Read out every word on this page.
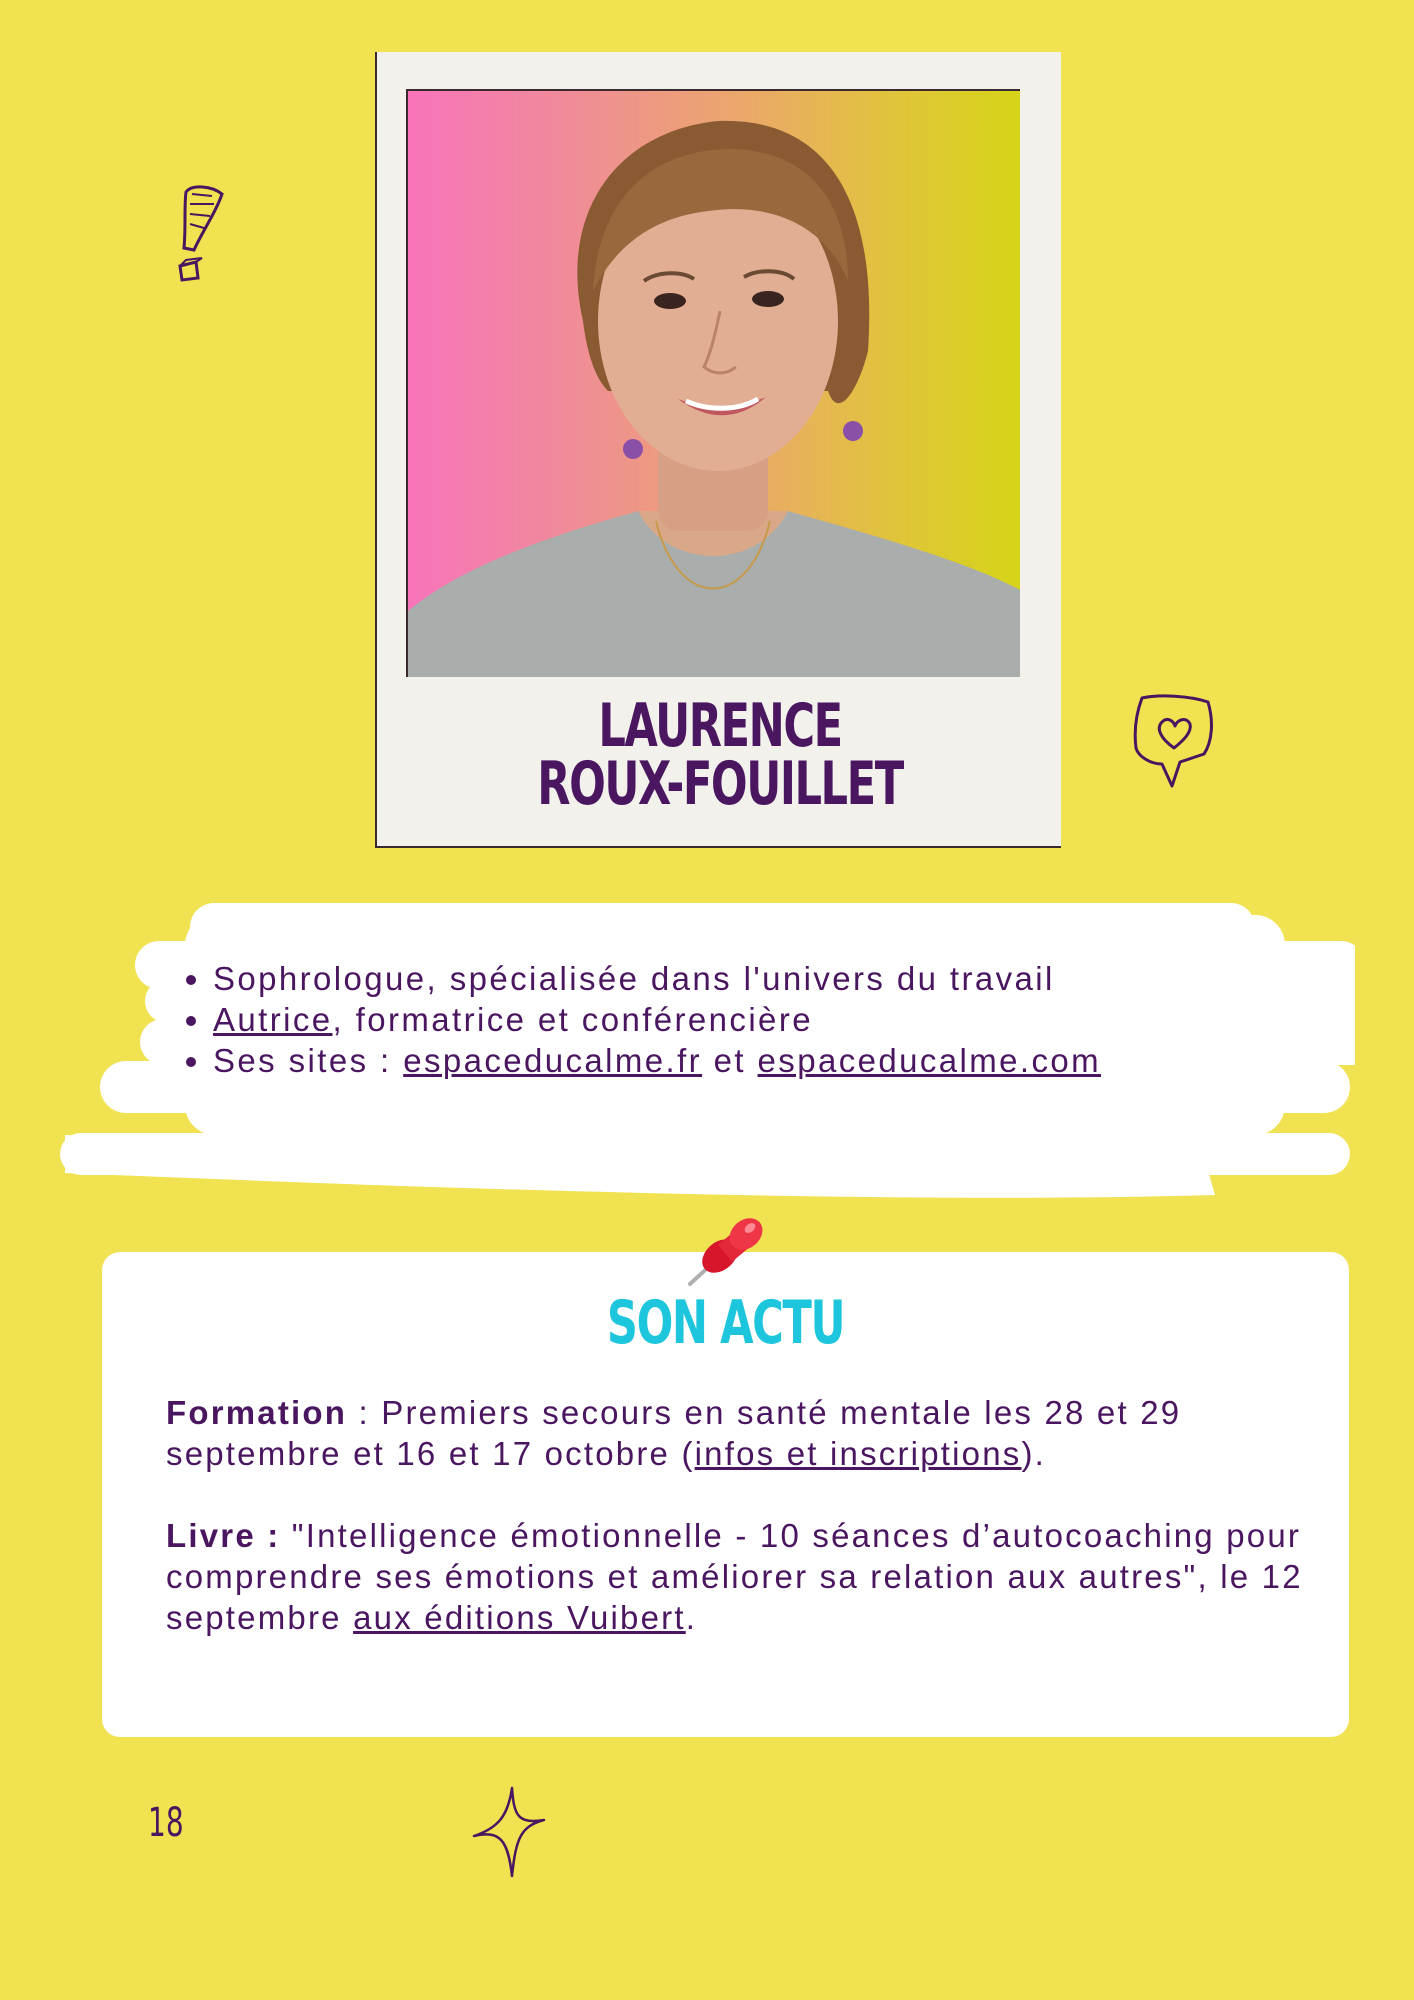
LAURENCE
ROUX-FOUILLET
• Sophrologue, spécialisée dans l'univers du travail
• Autrice, formatrice et conférencière
• Ses sites : espaceducalme.fr et espaceducalme.com
SON ACTU
Formation : Premiers secours en santé mentale les 28 et 29 septembre et 16 et 17 octobre (infos et inscriptions).
Livre : "Intelligence émotionnelle - 10 séances d’autocoaching pour comprendre ses émotions et améliorer sa relation aux autres", le 12 septembre aux éditions Vuibert.
18
